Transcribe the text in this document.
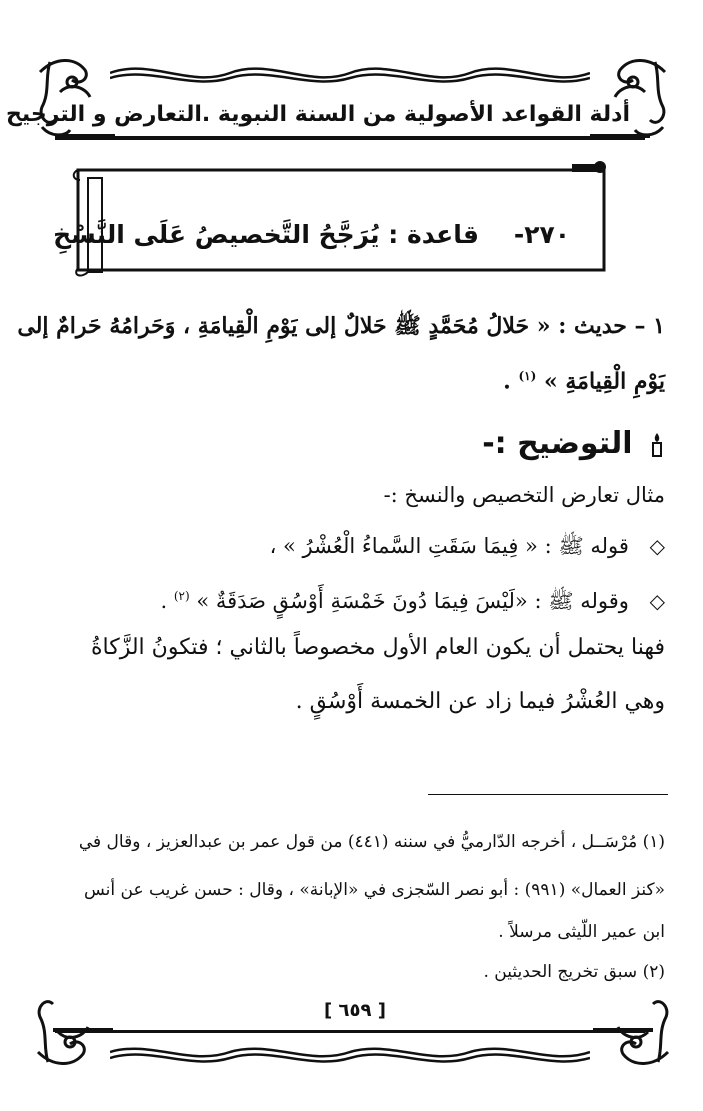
أدلة القواعد الأصولية من السنة النبوية .التعارض و الترجيح
٢٧٠-    قاعدة : يُرَجَّحُ التَّخصيصُ عَلَى النَّسْخِ
١ – حديث : « حَلالُ مُحَمَّدٍ ﷺ حَلالٌ إلى يَوْمِ الْقِيامَةِ ، وَحَرامُهُ حَرامٌ إلى
يَوْمِ الْقِيامَةِ » $^{(١)}$ .
التوضيح :-
مثال تعارض التخصيص والنسخ :-
◇ قوله ﷺ : « فِيمَا سَقَتِ السَّماءُ الْعُشْرُ » ،
◇ وقوله ﷺ : «لَيْسَ فِيمَا دُونَ خَمْسَةِ أَوْسُقٍ صَدَقَةٌ » $^{(٢)}$ .
فهنا يحتمل أن يكون العام الأول مخصوصاً بالثاني ؛ فتكونُ الزَّكاةُ
وهي العُشْرُ فيما زاد عن الخمسة أَوْسُقٍ .
(١) مُرْسَــل ، أخرجه الدّارميُّ في سننه (٤٤١) من قول عمر بن عبدالعزيز ، وقال في
«كنز العمال» (٩٩١) : أبو نصر السّجزى في «الإبانة» ، وقال : حسن غريب عن أنس
ابن عمير اللّيثى مرسلاً .
(٢) سبق تخريج الحديثين .
[ ٦٥٩ ]
